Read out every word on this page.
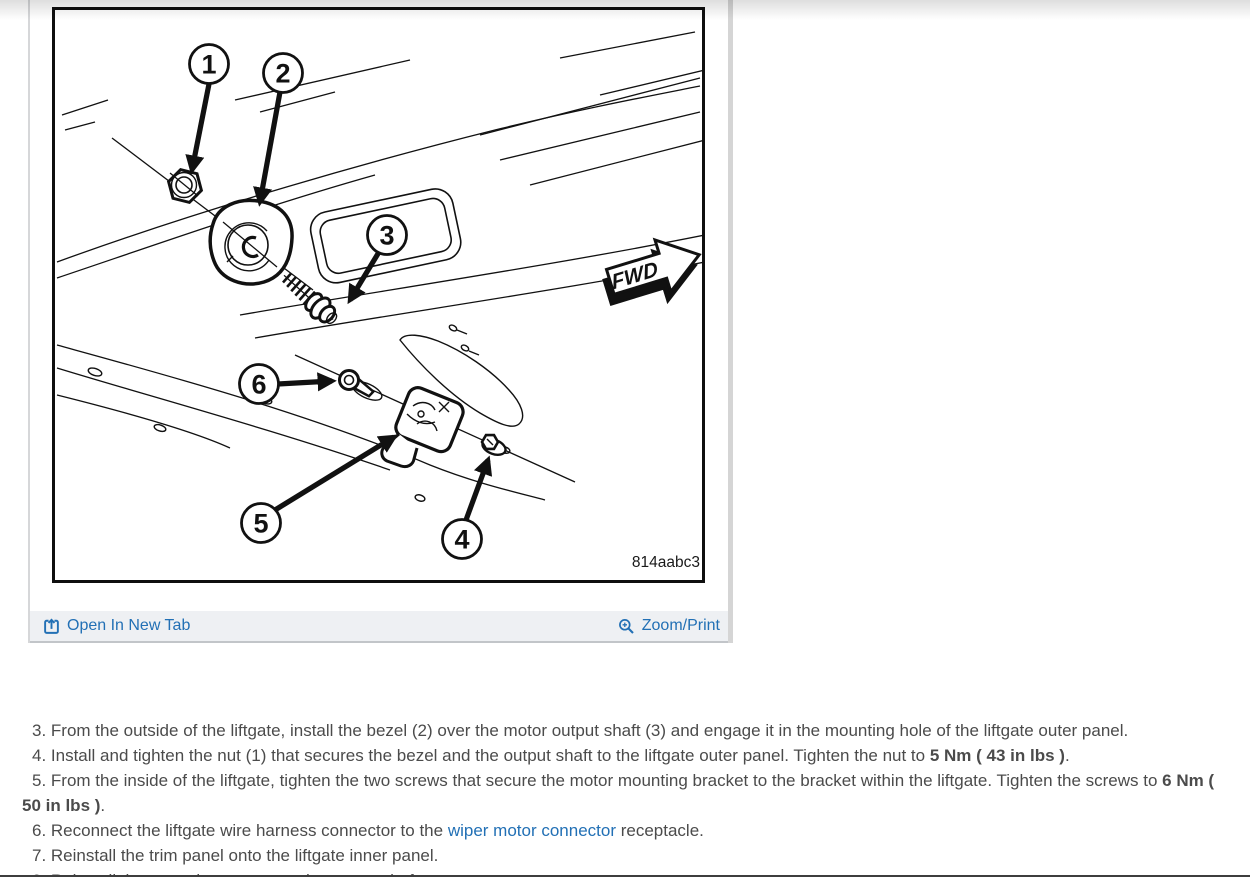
1 2
3
6
5
4
FWD
814aabc3
Open In New Tab	Zoom/Print
3. From the outside of the liftgate, install the bezel (2) over the motor output shaft (3) and engage it in the mounting hole of the liftgate outer panel.
4. Install and tighten the nut (1) that secures the bezel and the output shaft to the liftgate outer panel. Tighten the nut to 5 Nm ( 43 in lbs ).
5. From the inside of the liftgate, tighten the two screws that secure the motor mounting bracket to the bracket within the liftgate. Tighten the screws to 6 Nm ( 50 in lbs ).
6. Reconnect the liftgate wire harness connector to the wiper motor connector receptacle.
7. Reinstall the trim panel onto the liftgate inner panel.
